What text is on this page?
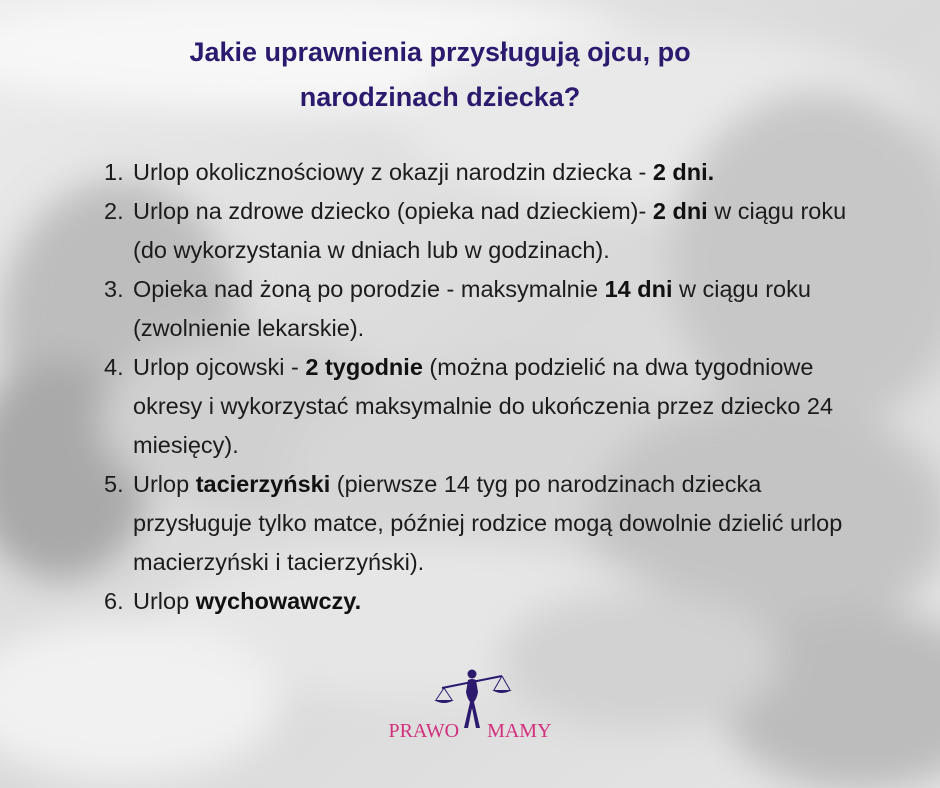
Jakie uprawnienia przysługują ojcu, po
narodzinach dziecka?
1. Urlop okolicznościowy z okazji narodzin dziecka - 2 dni.
2. Urlop na zdrowe dziecko (opieka nad dzieckiem)- 2 dni w ciągu roku (do wykorzystania w dniach lub w godzinach).
3. Opieka nad żoną po porodzie - maksymalnie 14 dni w ciągu roku (zwolnienie lekarskie).
4. Urlop ojcowski - 2 tygodnie (można podzielić na dwa tygodniowe okresy i wykorzystać maksymalnie do ukończenia przez dziecko 24 miesięcy).
5. Urlop tacierzyński (pierwsze 14 tyg po narodzinach dziecka przysługuje tylko matce, później rodzice mogą dowolnie dzielić urlop macierzyński i tacierzyński).
6. Urlop wychowawczy.
PRAWO MAMY
